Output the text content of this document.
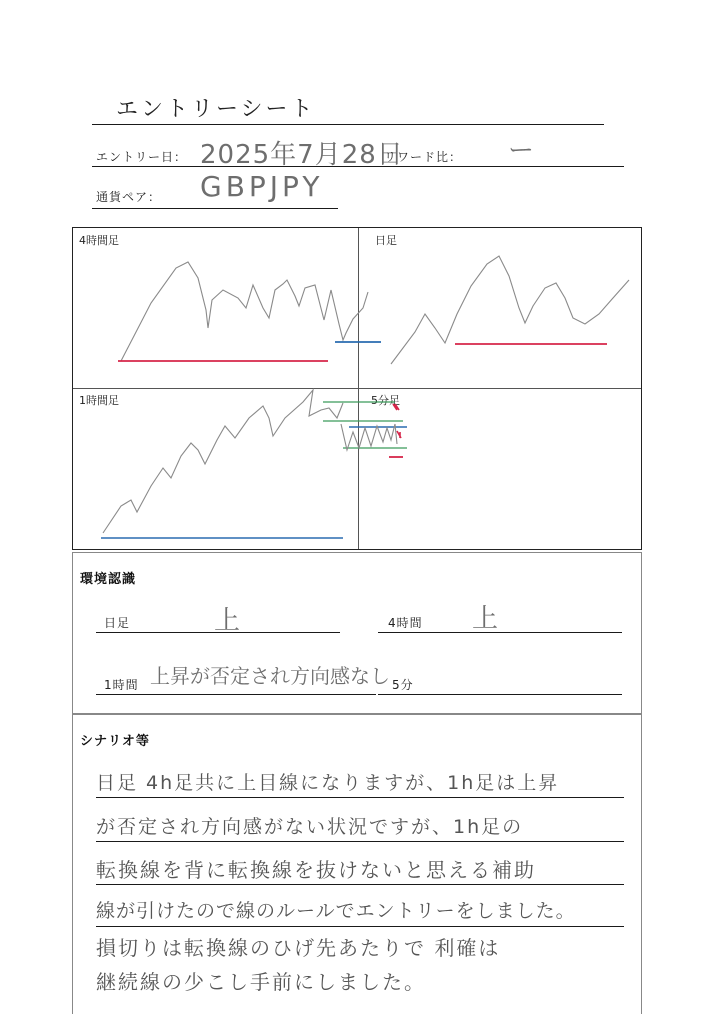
エントリーシート
エントリー日： 2025年7月28日
リワード比： ー
通貨ペア： GBPJPY
4時間足	日足
1時間足	5分足
環境認識
日足	上	4時間 上
1時間 上昇が否定され方向感なし 5分
シナリオ等
日足 4h足共に上目線になりますが、1h足は上昇
が否定され方向感がない状況ですが、1h足の
転換線を背に転換線を抜けないと思える補助
線が引けたので線のルールでエントリーをしました。
損切りは転換線のひげ先あたりで 利確は
継続線の少こし手前にしました。
